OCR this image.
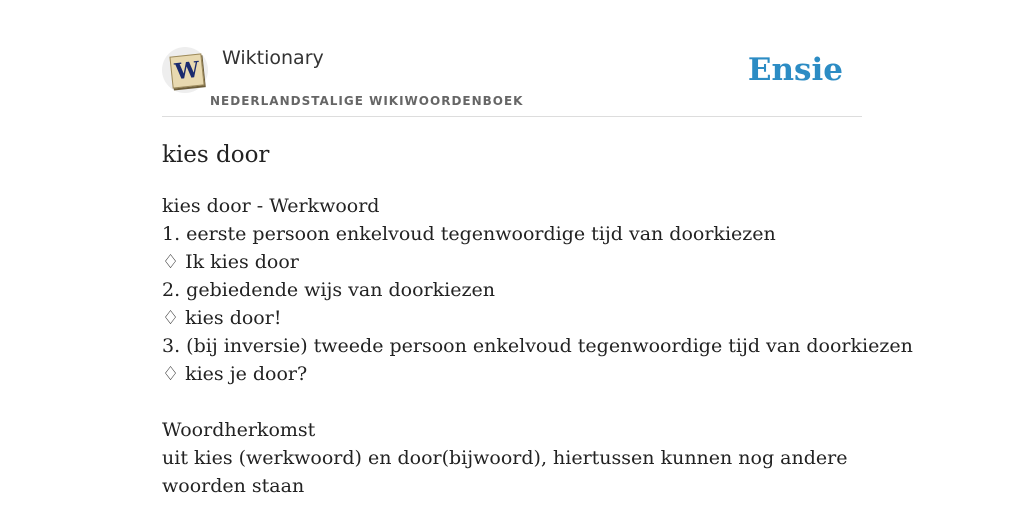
W Wiktionary
NEDERLANDSTALIGE WIKIWOORDENBOEK
Ensie
kies door
kies door - Werkwoord
1. eerste persoon enkelvoud tegenwoordige tijd van doorkiezen
♢ Ik kies door
2. gebiedende wijs van doorkiezen
♢ kies door!
3. (bij inversie) tweede persoon enkelvoud tegenwoordige tijd van doorkiezen
♢ kies je door?
Woordherkomst
uit kies (werkwoord) en door(bijwoord), hiertussen kunnen nog andere woorden staan
